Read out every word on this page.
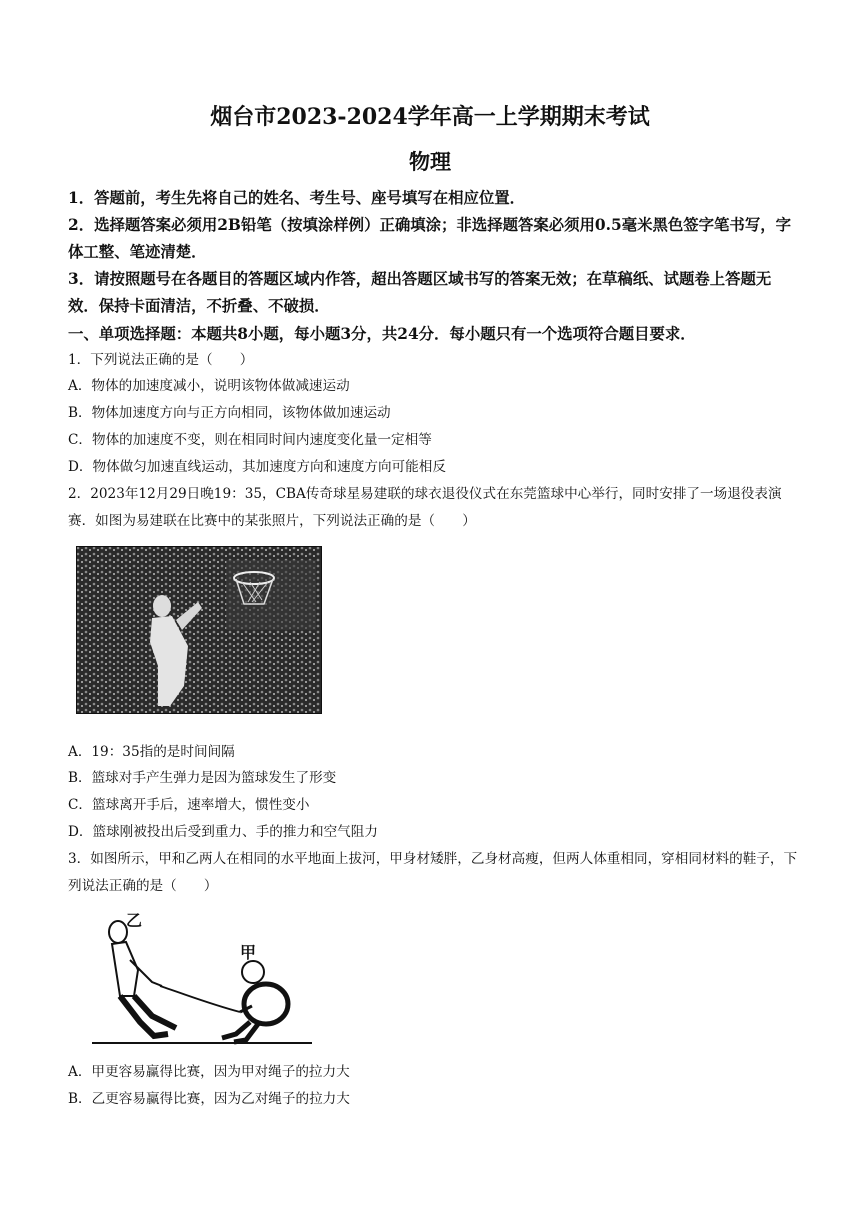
烟台市2023-2024学年高一上学期期末考试
物理
1．答题前，考生先将自己的姓名、考生号、座号填写在相应位置．
2．选择题答案必须用2B铅笔（按填涂样例）正确填涂；非选择题答案必须用0.5毫米黑色签字笔书写，字体工整、笔迹清楚．
3．请按照题号在各题目的答题区域内作答，超出答题区域书写的答案无效；在草稿纸、试题卷上答题无效．保持卡面清洁，不折叠、不破损．
一、单项选择题：本题共8小题，每小题3分，共24分．每小题只有一个选项符合题目要求．
1．下列说法正确的是（　　）
A．物体的加速度减小，说明该物体做减速运动
B．物体加速度方向与正方向相同，该物体做加速运动
C．物体的加速度不变，则在相同时间内速度变化量一定相等
D．物体做匀加速直线运动，其加速度方向和速度方向可能相反
2．2023年12月29日晚19：35，CBA传奇球星易建联的球衣退役仪式在东莞篮球中心举行，同时安排了一场退役表演赛．如图为易建联在比赛中的某张照片，下列说法正确的是（　　）
A．19：35指的是时间间隔
B．篮球对手产生弹力是因为篮球发生了形变
C．篮球离开手后，速率增大，惯性变小
D．篮球刚被投出后受到重力、手的推力和空气阻力
3．如图所示，甲和乙两人在相同的水平地面上拔河，甲身材矮胖，乙身材高瘦，但两人体重相同，穿相同材料的鞋子，下列说法正确的是（　　）
乙
甲
A．甲更容易赢得比赛，因为甲对绳子的拉力大
B．乙更容易赢得比赛，因为乙对绳子的拉力大
